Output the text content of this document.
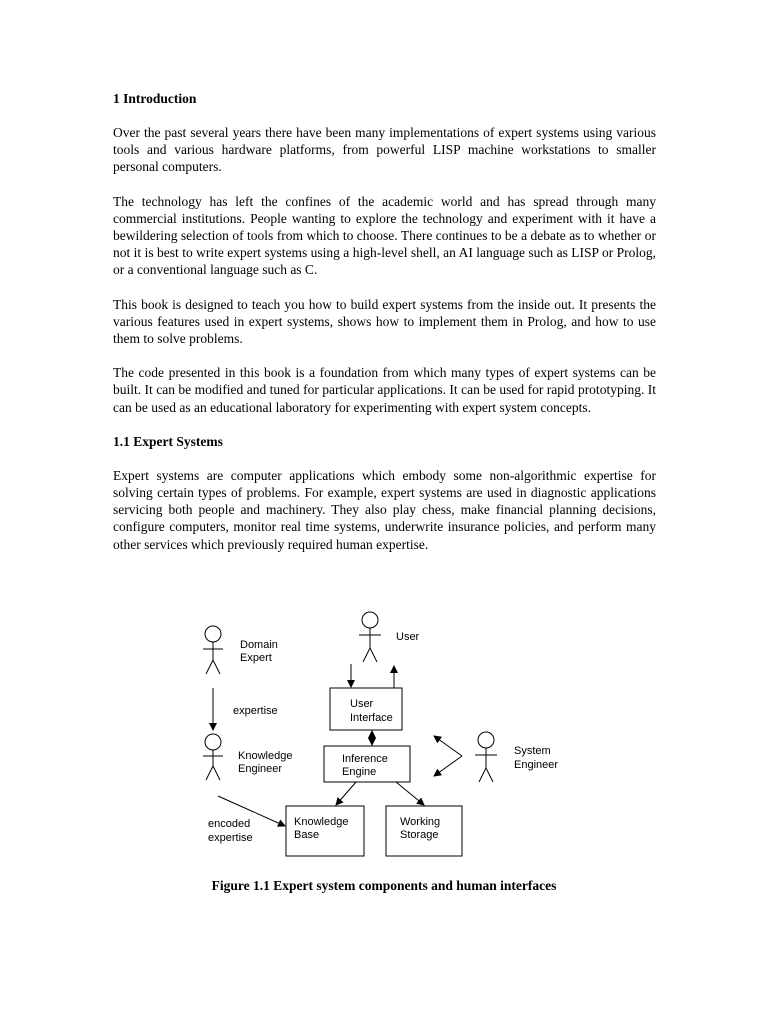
1 Introduction

Over the past several years there have been many implementations of expert systems using various tools and various hardware platforms, from powerful LISP machine workstations to smaller personal computers.

The technology has left the confines of the academic world and has spread through many commercial institutions. People wanting to explore the technology and experiment with it have a bewildering selection of tools from which to choose. There continues to be a debate as to whether or not it is best to write expert systems using a high-level shell, an AI language such as LISP or Prolog, or a conventional language such as C.

This book is designed to teach you how to build expert systems from the inside out. It presents the various features used in expert systems, shows how to implement them in Prolog, and how to use them to solve problems.

The code presented in this book is a foundation from which many types of expert systems can be built. It can be modified and tuned for particular applications. It can be used for rapid prototyping. It can be used as an educational laboratory for experimenting with expert system concepts.

1.1 Expert Systems

Expert systems are computer applications which embody some non-algorithmic expertise for solving certain types of problems. For example, expert systems are used in diagnostic applications servicing both people and machinery. They also play chess, make financial planning decisions, configure computers, monitor real time systems, underwrite insurance policies, and perform many other services which previously required human expertise.

Domain
Expert
User
expertise
User
Interface
Knowledge
Engineer
Inference
Engine
System
Engineer
encoded
expertise
Knowledge
Base
Working
Storage
Figure 1.1 Expert system components and human interfaces
